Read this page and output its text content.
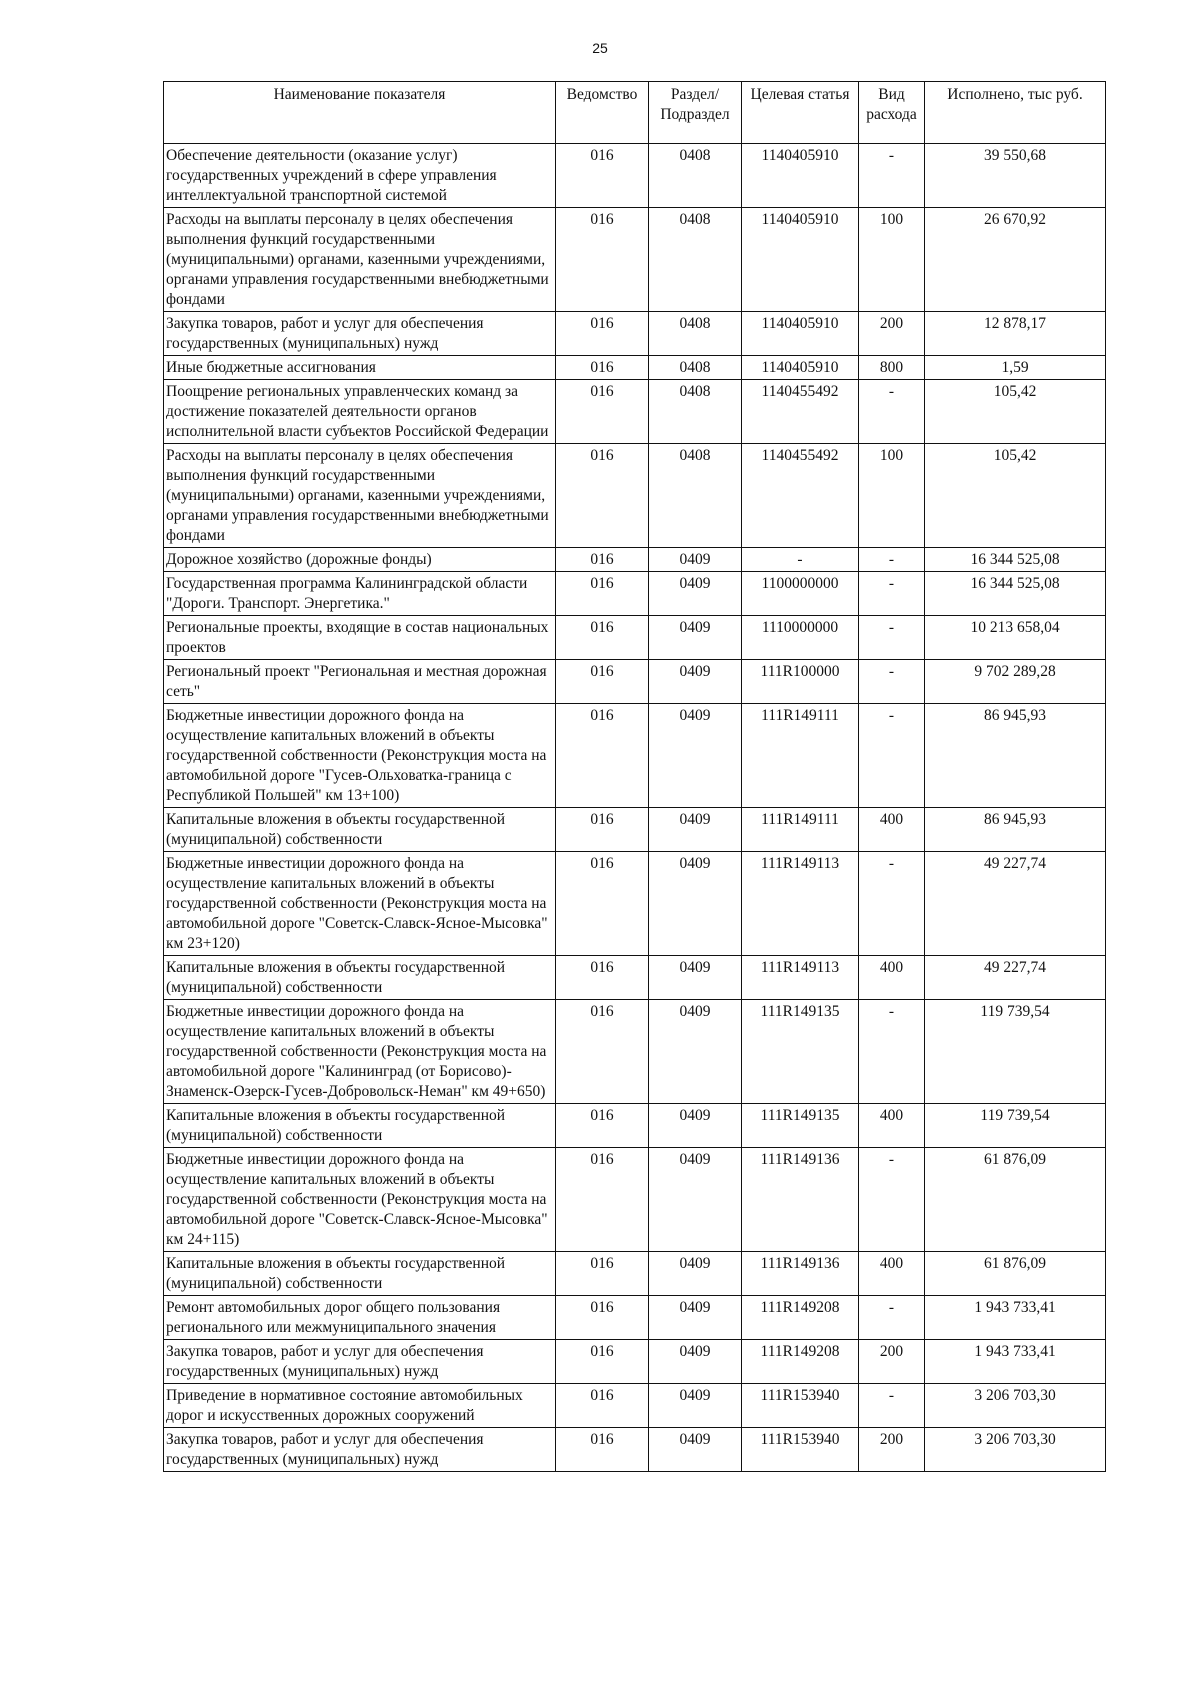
25
Наименование показателя	Ведомство	Раздел/ Подраздел	Целевая статья	Вид расхода	Исполнено, тыс руб.
Обеспечение деятельности (оказание услуг) государственных учреждений в сфере управления интеллектуальной транспортной системой	016	0408	1140405910	-	39 550,68
Расходы на выплаты персоналу в целях обеспечения выполнения функций государственными (муниципальными) органами, казенными учреждениями, органами управления государственными внебюджетными фондами	016	0408	1140405910	100	26 670,92
Закупка товаров, работ и услуг для обеспечения государственных (муниципальных) нужд	016	0408	1140405910	200	12 878,17
Иные бюджетные ассигнования	016	0408	1140405910	800	1,59
Поощрение региональных управленческих команд за достижение показателей деятельности органов исполнительной власти субъектов Российской Федерации	016	0408	1140455492	-	105,42
Расходы на выплаты персоналу в целях обеспечения выполнения функций государственными (муниципальными) органами, казенными учреждениями, органами управления государственными внебюджетными фондами	016	0408	1140455492	100	105,42
Дорожное хозяйство (дорожные фонды)	016	0409	-	-	16 344 525,08
Государственная программа Калининградской области "Дороги. Транспорт. Энергетика."	016	0409	1100000000	-	16 344 525,08
Региональные проекты, входящие в состав национальных проектов	016	0409	1110000000	-	10 213 658,04
Региональный проект "Региональная и местная дорожная сеть"	016	0409	111R100000	-	9 702 289,28
Бюджетные инвестиции дорожного фонда на осуществление капитальных вложений в объекты государственной собственности (Реконструкция моста на автомобильной дороге "Гусев-Ольховатка-граница с Республикой Польшей" км 13+100)	016	0409	111R149111	-	86 945,93
Капитальные вложения в объекты государственной (муниципальной) собственности	016	0409	111R149111	400	86 945,93
Бюджетные инвестиции дорожного фонда на осуществление капитальных вложений в объекты государственной собственности (Реконструкция моста на автомобильной дороге "Советск-Славск-Ясное-Мысовка" км 23+120)	016	0409	111R149113	-	49 227,74
Капитальные вложения в объекты государственной (муниципальной) собственности	016	0409	111R149113	400	49 227,74
Бюджетные инвестиции дорожного фонда на осуществление капитальных вложений в объекты государственной собственности (Реконструкция моста на автомобильной дороге "Калининград (от Борисово)-Знаменск-Озерск-Гусев-Добровольск-Неман" км 49+650)	016	0409	111R149135	-	119 739,54
Капитальные вложения в объекты государственной (муниципальной) собственности	016	0409	111R149135	400	119 739,54
Бюджетные инвестиции дорожного фонда на осуществление капитальных вложений в объекты государственной собственности (Реконструкция моста на автомобильной дороге "Советск-Славск-Ясное-Мысовка" км 24+115)	016	0409	111R149136	-	61 876,09
Капитальные вложения в объекты государственной (муниципальной) собственности	016	0409	111R149136	400	61 876,09
Ремонт автомобильных дорог общего пользования регионального или межмуниципального значения	016	0409	111R149208	-	1 943 733,41
Закупка товаров, работ и услуг для обеспечения государственных (муниципальных) нужд	016	0409	111R149208	200	1 943 733,41
Приведение в нормативное состояние автомобильных дорог и искусственных дорожных сооружений	016	0409	111R153940	-	3 206 703,30
Закупка товаров, работ и услуг для обеспечения государственных (муниципальных) нужд	016	0409	111R153940	200	3 206 703,30
